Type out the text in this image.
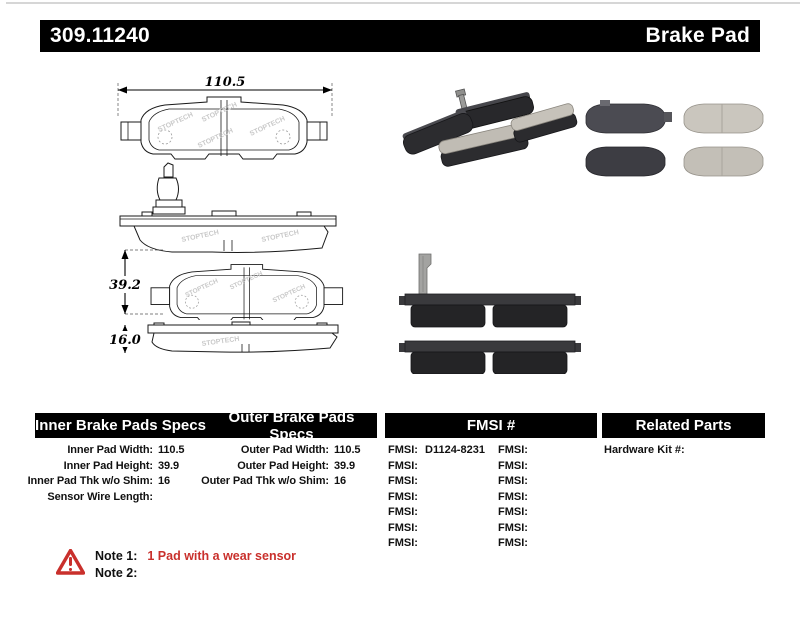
309.11240	Brake Pad
110.5
STOPTECH STOPTECH
STOPTECH
STOPTECH
STOPTECH	STOPTECH
39.2	STOPTECH STOPTECH
STOPTECH
16.0	STOPTECH
Inner Brake Pads Specs	Outer Brake Pads Specs	FMSI #	Related Parts
Inner Pad Width: 110.5
Inner Pad Height: 39.9
Inner Pad Thk w/o Shim: 16
Sensor Wire Length:
Outer Pad Width: 110.5
Outer Pad Height: 39.9
Outer Pad Thk w/o Shim: 16
FMSI: D1124-8231	FMSI:
FMSI:	FMSI:
FMSI:	FMSI:
FMSI:	FMSI:
FMSI:	FMSI:
FMSI:	FMSI:
FMSI:	FMSI:
Hardware Kit #:
Note 1: 1 Pad with a wear sensor
Note 2:
